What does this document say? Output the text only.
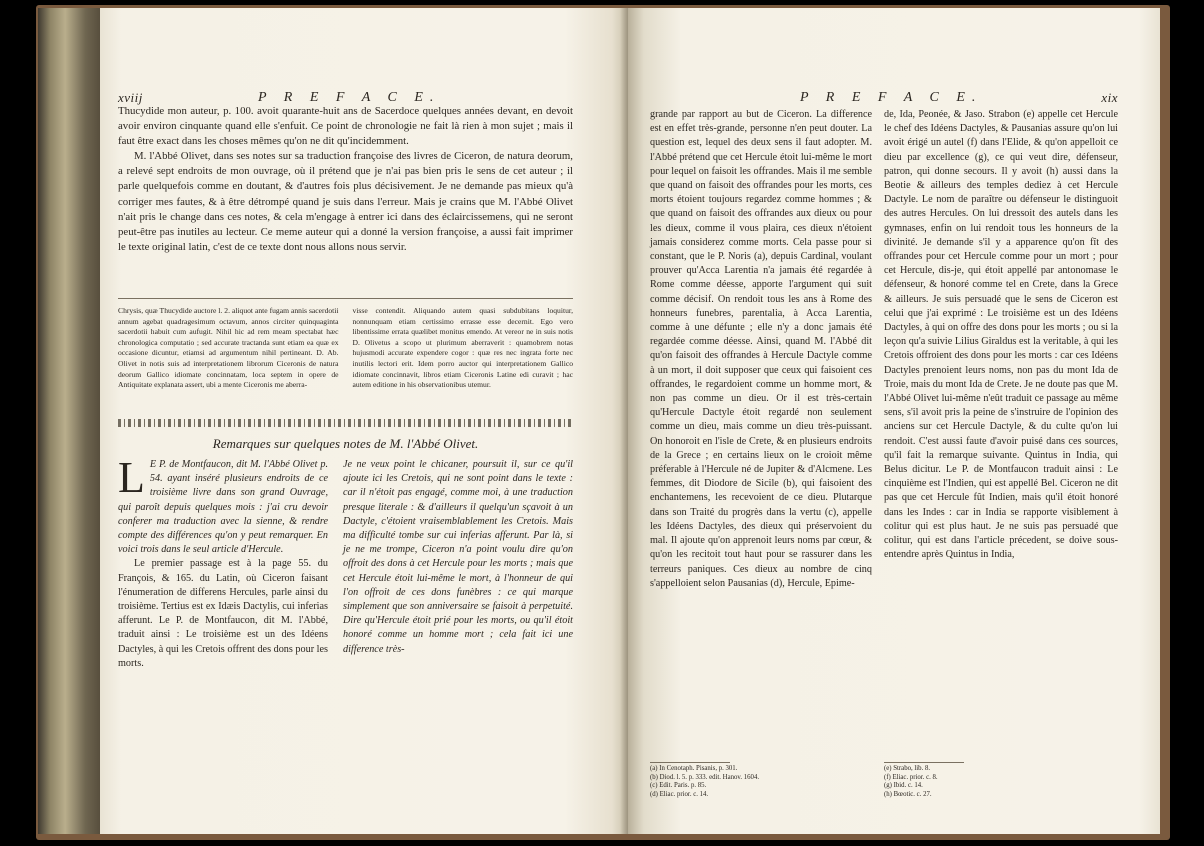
xviij	P R E F A C E.

Thucydide mon auteur, p. 100. avoit quarante-huit ans de Sacerdoce quelques années devant, en devoit avoir environ cinquante quand elle s'enfuit. Ce point de chronologie ne fait là rien à mon sujet ; mais il faut être exact dans les choses mêmes qu'on ne dit qu'incidemment.

M. l'Abbé Olivet, dans ses notes sur sa traduction françoise des livres de Ciceron, de natura deorum, a relevé sept endroits de mon ouvrage, où il prétend que je n'ai pas bien pris le sens de cet auteur ; il parle quelquefois comme en doutant, & d'autres fois plus décisivement. Je ne demande pas mieux qu'à corriger mes fautes, & à être détrompé quand je suis dans l'erreur. Mais je crains que M. l'Abbé Olivet n'ait pris le change dans ces notes, & cela m'engage à entrer ici dans des éclaircissemens, qui ne seront peut-être pas inutiles au lecteur. Ce meme auteur qui a donné la version françoise, a aussi fait imprimer le texte original latin, c'est de ce texte dont nous allons nous servir.

Chrysis, quæ Thucydide auctore l. 2. aliquot ante fugam annis sacerdotii annum agebat quadragesimum octavum, annos circiter quinquaginta sacerdotii habuit cum aufugit. Nihil hic ad rem meam spectabat hæc chronologica computatio ; sed accurate tractanda sunt etiam ea quæ ex occasione dicuntur, etiamsi ad argumentum nihil pertineant. D. Ab. Olivet in notis suis ad interpretationem librorum Ciceronis de natura deorum Gallico idiomate concinnatam, loca septem in opere de Antiquitate explanata assert, ubi a mente Ciceronis me aberra-

visse contendit. Aliquando autem quasi subdubitans loquitur, nonnunquam etiam certissimo errasse esse decernit. Ego vero libentissime errata quælibet monitus emendo. At vereor ne in suis notis D. Olivetus a scopo ut plurimum aberraverit : quamobrem notas hujusmodi accurate expendere cogor : quæ res nec ingrata forte nec inutilis lectori erit. Idem porro auctor qui interpretationem Gallico idiomate concinnavit, libros etiam Ciceronis Latine edi curavit ; hac autem editione in his observationibus utemur.

Remarques sur quelques notes de M. l'Abbé Olivet.
L E P. de Montfaucon, dit M. l'Abbé Olivet p. 54. ayant inséré plusieurs endroits de ce troisième livre dans son grand Ouvrage, qui paroît depuis quelques mois : j'ai cru devoir conferer ma traduction avec la sienne, & rendre compte des différences qu'on y peut remarquer. En voici trois dans le seul article d'Hercule.

Le premier passage est à la page 55. du François, & 165. du Latin, où Ciceron faisant l'énumeration de differens Hercules, parle ainsi du troisième. Tertius est ex Idæis Dactylis, cui inferias afferunt. Le P. de Montfaucon, dit M. l'Abbé, traduit ainsi : Le troisième est un des Idéens Dactyles, à qui les Cretois offrent des dons pour les morts.

Je ne veux point le chicaner, poursuit il, sur ce qu'il ajoute ici les Cretois, qui ne sont point dans le texte : car il n'étoit pas engagé, comme moi, à une traduction presque literale : & d'ailleurs il quelqu'un sçavoit à un Dactyle, c'étoient vraisemblablement les Cretois. Mais ma difficulté tombe sur cui inferias afferunt. Par là, si je ne me trompe, Ciceron n'a point voulu dire qu'on offroit des dons à cet Hercule pour les morts ; mais que cet Hercule étoit lui-même le mort, à l'honneur de qui l'on offroit de ces dons funèbres : ce qui marque simplement que son anniversaire se faisoit à perpetuité. Dire qu'Hercule étoit prié pour les morts, ou qu'il étoit honoré comme un homme mort ; cela fait ici une difference très-

P R E F A C E.	xix

grande par rapport au but de Ciceron. La difference est en effet très-grande, personne n'en peut douter. La question est, lequel des deux sens il faut adopter. M. l'Abbé prétend que cet Hercule étoit lui-même le mort pour lequel on faisoit les offrandes. Mais il me semble que quand on faisoit des offrandes pour les morts, ces morts étoient toujours regardez comme hommes ; & que quand on faisoit des offrandes aux dieux ou pour les dieux, comme il vous plaira, ces dieux n'étoient jamais considerez comme morts. Cela passe pour si constant, que le P. Noris (a), depuis Cardinal, voulant prouver qu'Acca Larentia n'a jamais été regardée à Rome comme déesse, apporte l'argument qui suit comme décisif. On rendoit tous les ans à Rome des honneurs funebres, parentalia, à Acca Larentia, comme à une défunte ; elle n'y a donc jamais été regardée comme déesse. Ainsi, quand M. l'Abbé dit qu'on faisoit des offrandes à Hercule Dactyle comme à un mort, il doit supposer que ceux qui faisoient ces offrandes, le regardoient comme un homme mort, & non pas comme un dieu. Or il est très-certain qu'Hercule Dactyle étoit regardé non seulement comme un dieu, mais comme un dieu très-puissant. On honoroit en l'isle de Crete, & en plusieurs endroits de la Grece ; en certains lieux on le croioit même préferable à l'Hercule né de Jupiter & d'Alcmene. Les femmes, dit Diodore de Sicile (b), qui faisoient des enchantemens, les recevoient de ce dieu. Plutarque dans son Traité du progrès dans la vertu (c), appelle les Idéens Dactyles, des dieux qui préservoient du mal. Il ajoute qu'on apprenoit leurs noms par cœur, & qu'on les recitoit tout haut pour se rassurer dans les terreurs paniques. Ces dieux au nombre de cinq s'appelloient selon Pausanias (d), Hercule, Epime-

de, Ida, Peonée, & Jaso. Strabon (e) appelle cet Hercule le chef des Idéens Dactyles, & Pausanias assure qu'on lui avoit érigé un autel (f) dans l'Elide, & qu'on appelloit ce dieu par excellence (g), ce qui veut dire, défenseur, patron, qui donne secours. Il y avoit (h) aussi dans la Beotie & ailleurs des temples dediez à cet Hercule Dactyle. Le nom de paraître ou défenseur le distinguoit des autres Hercules. On lui dressoit des autels dans les gymnases, enfin on lui rendoit tous les honneurs de la divinité. Je demande s'il y a apparence qu'on fît des offrandes pour cet Hercule comme pour un mort ; pour cet Hercule, dis-je, qui étoit appellé par antonomase le défenseur, & honoré comme tel en Crete, dans la Grece & ailleurs. Je suis persuadé que le sens de Ciceron est celui que j'ai exprimé : Le troisième est un des Idéens Dactyles, à qui on offre des dons pour les morts ; ou si la leçon qu'a suivie Lilius Giraldus est la veritable, à qui les Cretois offroient des dons pour les morts : car ces Idéens Dactyles prenoient leurs noms, non pas du mont Ida de Troie, mais du mont Ida de Crete. Je ne doute pas que M. l'Abbé Olivet lui-même n'eût traduit ce passage au même sens, s'il avoit pris la peine de s'instruire de l'opinion des anciens sur cet Hercule Dactyle, & du culte qu'on lui rendoit. C'est aussi faute d'avoir puisé dans ces sources, qu'il fait la remarque suivante. Quintus in India, qui Belus dicitur. Le P. de Montfaucon traduit ainsi : Le cinquième est l'Indien, qui est appellé Bel. Ciceron ne dit pas que cet Hercule fût Indien, mais qu'il étoit honoré dans les Indes : car in India se rapporte visiblement à colitur qui est plus haut. Je ne suis pas persuadé que colitur, qui est dans l'article précedent, se doive sous-entendre après Quintus in India,

(a) In Cenotaph. Pisanis, p. 301.

(b) Diod. l. 5. p. 333. edit. Hanov. 1604.

(c) Edit. Paris. p. 85.

(d) Eliac. prior. c. 14.

(e) Strabo, lib. 8.

(f) Eliac. prior. c. 8.

(g) Ibid. c. 14.

(h) Bœotic. c. 27.
